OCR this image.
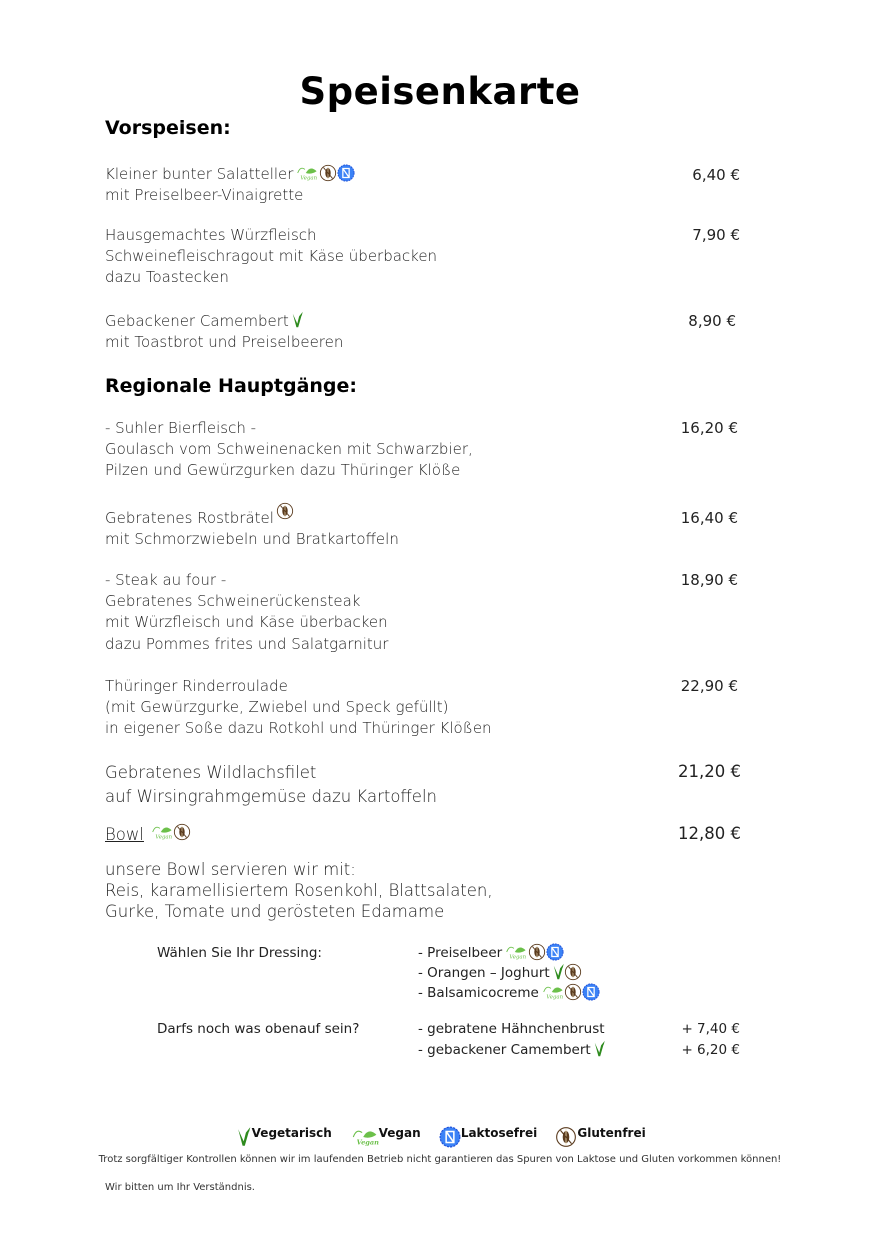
Speisenkarte
Vorspeisen:
Kleiner bunter Salatteller Vegan
mit Preiselbeer-Vinaigrette
6,40 €
Hausgemachtes Würzfleisch
Schweinefleischragout mit Käse überbacken
dazu Toastecken
7,90 €
Gebackener Camembert
mit Toastbrot und Preiselbeeren
8,90 €
Regionale Hauptgänge:
- Suhler Bierfleisch -
Goulasch vom Schweinenacken mit Schwarzbier,
Pilzen und Gewürzgurken dazu Thüringer Klöße
16,20 €
Gebratenes Rostbrätel
mit Schmorzwiebeln und Bratkartoffeln
16,40 €
- Steak au four -
Gebratenes Schweinerückensteak
mit Würzfleisch und Käse überbacken
dazu Pommes frites und Salatgarnitur
18,90 €
Thüringer Rinderroulade
(mit Gewürzgurke, Zwiebel und Speck gefüllt)
in eigener Soße dazu Rotkohl und Thüringer Klößen
22,90 €
Gebratenes Wildlachsfilet
auf Wirsingrahmgemüse dazu Kartoffeln
21,20 €
Bowl Vegan	12,80 €
unsere Bowl servieren wir mit:
Reis, karamellisiertem Rosenkohl, Blattsalaten,
Gurke, Tomate und gerösteten Edamame
Wählen Sie Ihr Dressing:	- Preiselbeer Vegan
- Orangen – Joghurt
- Balsamicocreme Vegan
Darfs noch was obenauf sein?	- gebratene Hähnchenbrust	+ 7,40 €
- gebackener Camembert	+ 6,20 €
Vegetarisch
Vegan
Vegan	Laktosefrei	Glutenfrei
Trotz sorgfältiger Kontrollen können wir im laufenden Betrieb nicht garantieren das Spuren von Laktose und Gluten vorkommen können!
Wir bitten um Ihr Verständnis.
